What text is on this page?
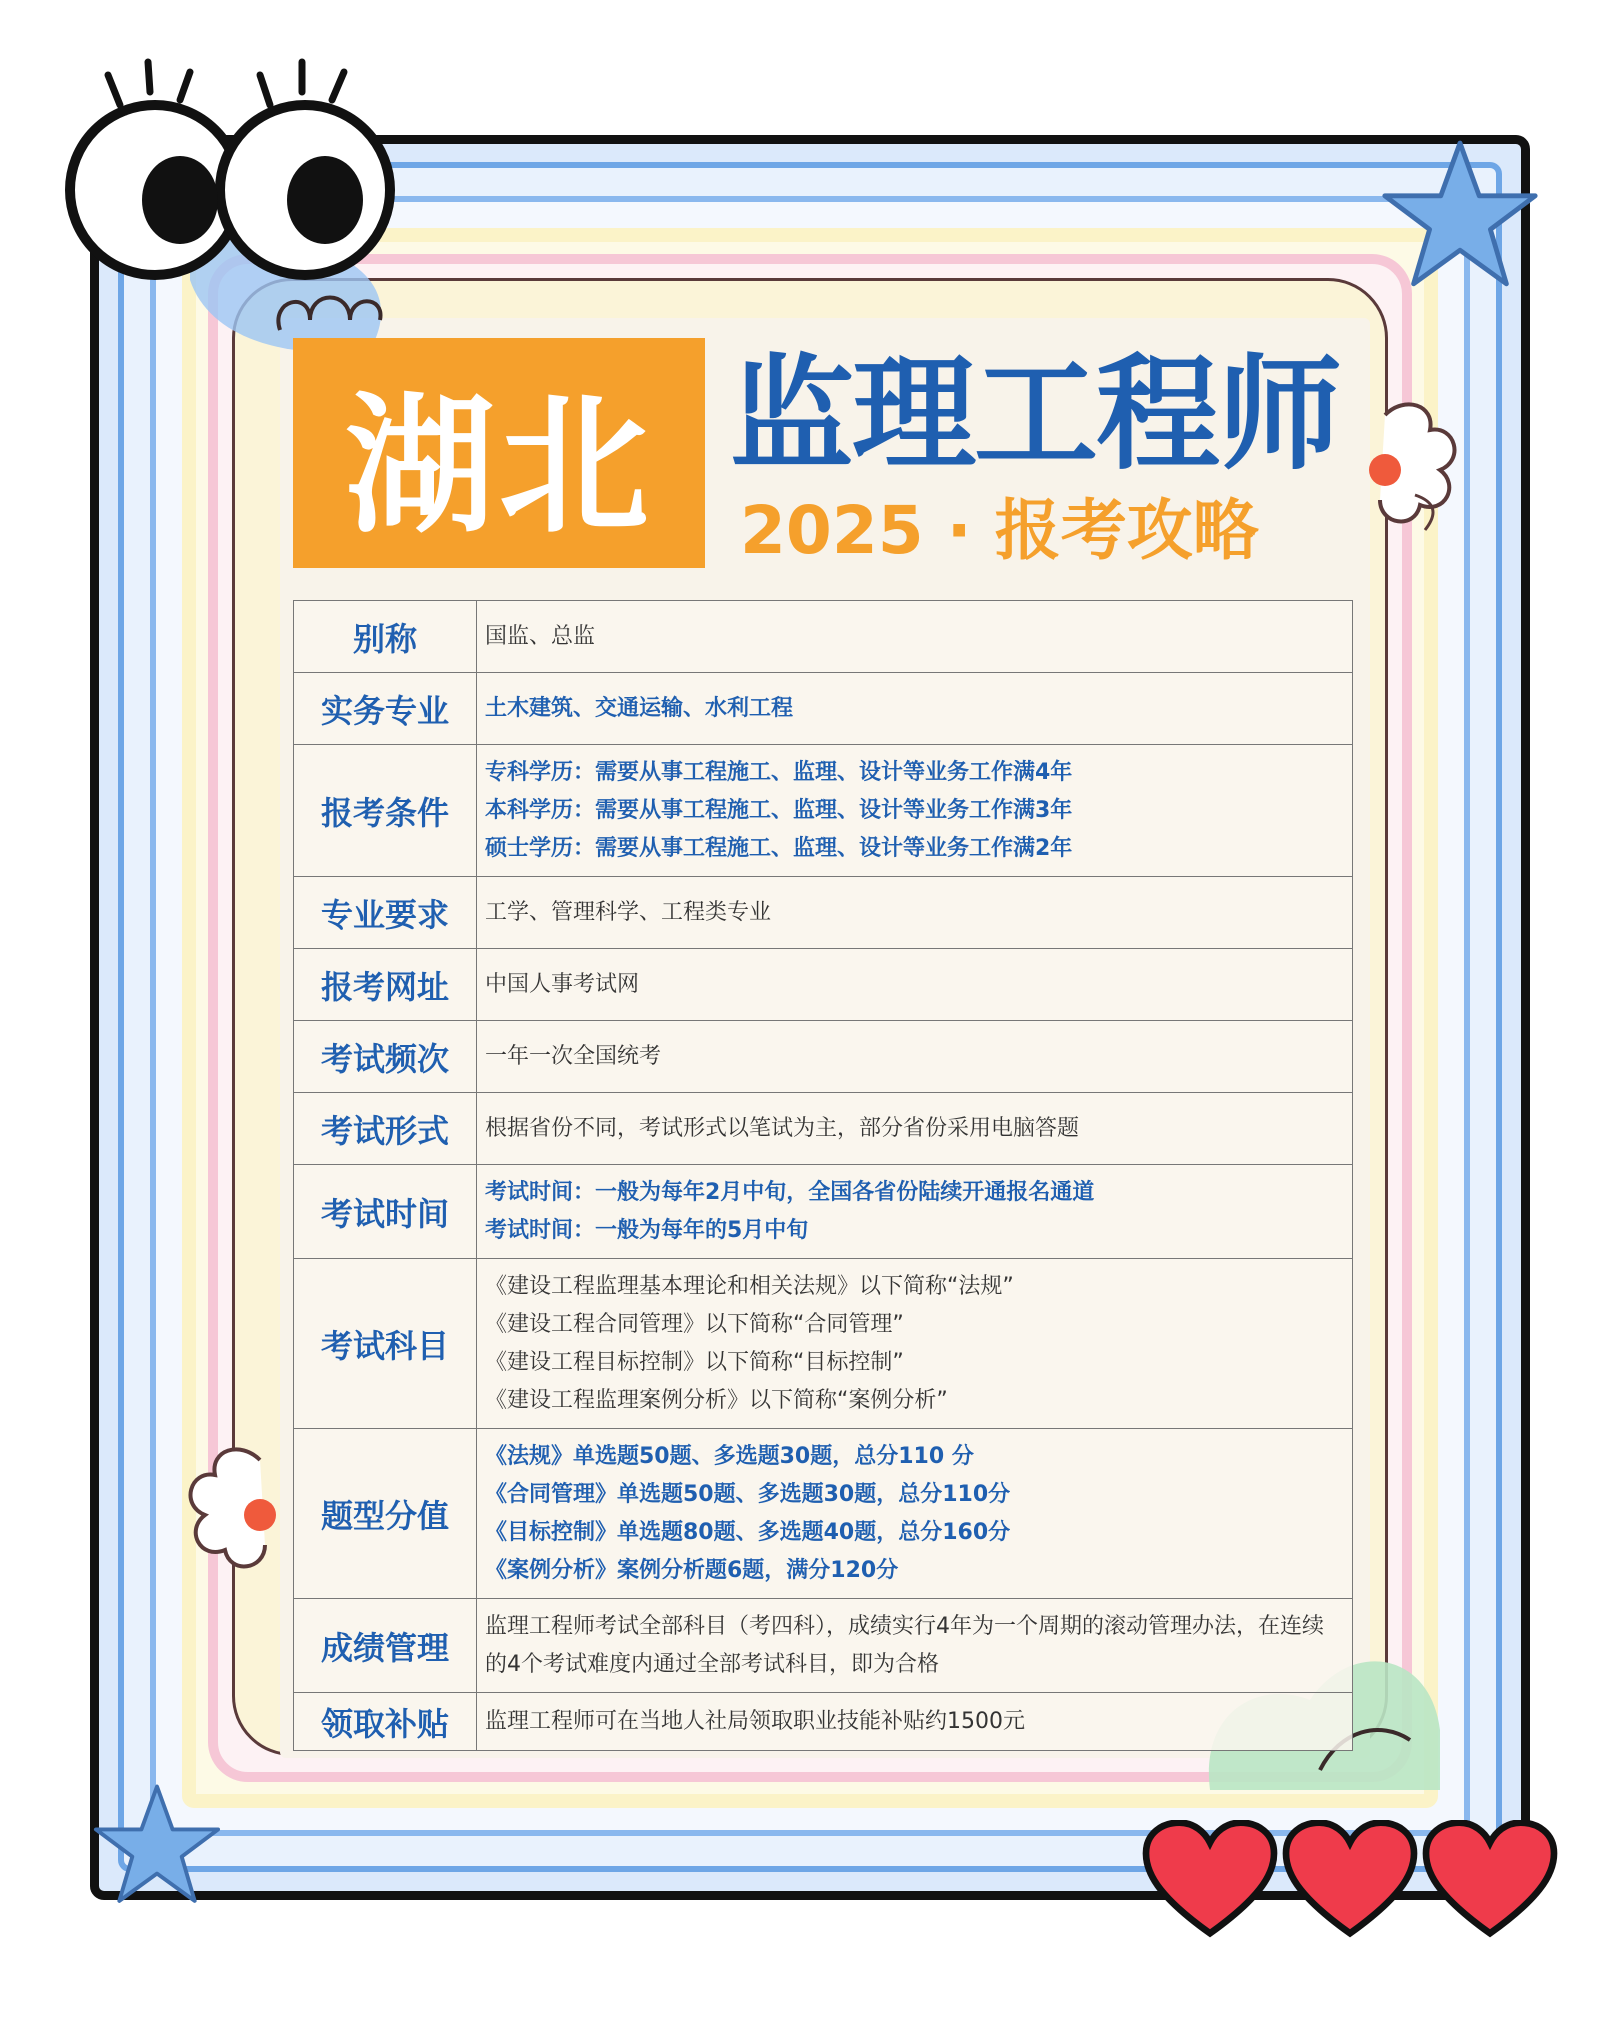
湖北 监理工程师
2025 · 报考攻略
别称	国监、总监

实务专业	土木建筑、交通运输、水利工程

报考条件	专科学历：需要从事工程施工、监理、设计等业务工作满4年
本科学历：需要从事工程施工、监理、设计等业务工作满3年
硕士学历：需要从事工程施工、监理、设计等业务工作满2年

专业要求	工学、管理科学、工程类专业

报考网址	中国人事考试网

考试频次	一年一次全国统考

考试形式	根据省份不同，考试形式以笔试为主，部分省份采用电脑答题

考试时间	考试时间：一般为每年2月中旬，全国各省份陆续开通报名通道
考试时间：一般为每年的5月中旬

考试科目	《建设工程监理基本理论和相关法规》以下简称“法规”
《建设工程合同管理》以下简称“合同管理”
《建设工程目标控制》以下简称“目标控制”
《建设工程监理案例分析》以下简称“案例分析”

题型分值	《法规》单选题50题、多选题30题，总分110 分
《合同管理》单选题50题、多选题30题，总分110分
《目标控制》单选题80题、多选题40题，总分160分
《案例分析》案例分析题6题，满分120分

成绩管理	监理工程师考试全部科目（考四科），成绩实行4年为一个周期的滚动管理办法，在连续的4个考试难度内通过全部考试科目，即为合格

领取补贴	监理工程师可在当地人社局领取职业技能补贴约1500元
